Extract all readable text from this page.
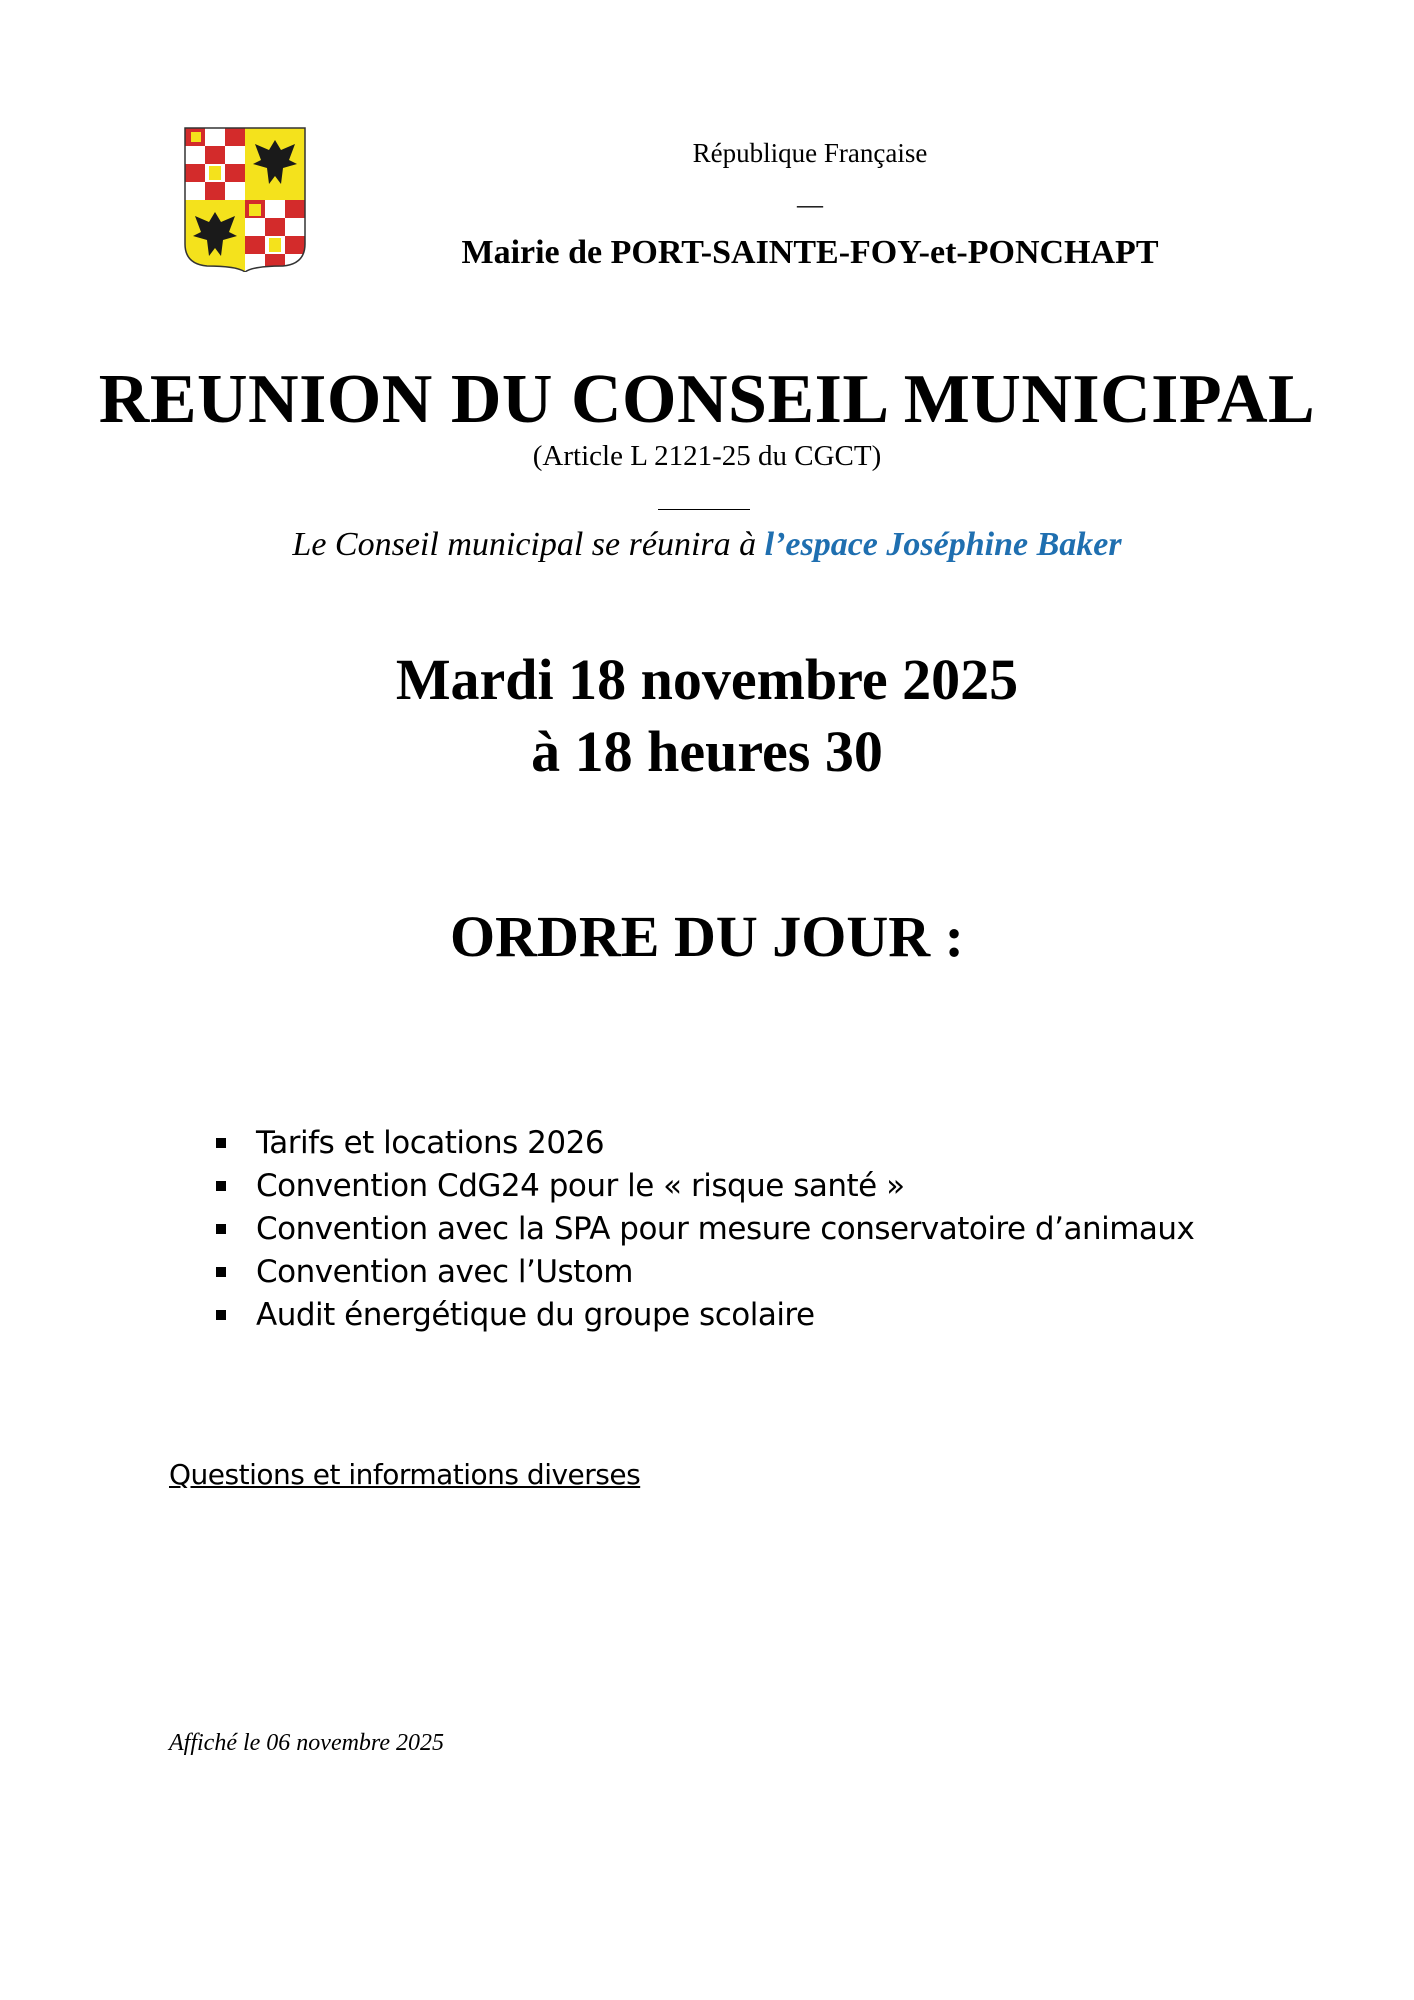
République Française
—
Mairie de PORT-SAINTE-FOY-et-PONCHAPT
REUNION DU CONSEIL MUNICIPAL
(Article L 2121-25 du CGCT)
Le Conseil municipal se réunira à l’espace Joséphine Baker
Mardi 18 novembre 2025
à 18 heures 30
ORDRE DU JOUR :
Tarifs et locations 2026
Convention CdG24 pour le « risque santé »
Convention avec la SPA pour mesure conservatoire d’animaux
Convention avec l’Ustom
Audit énergétique du groupe scolaire
Questions et informations diverses
Affiché le 06 novembre 2025
